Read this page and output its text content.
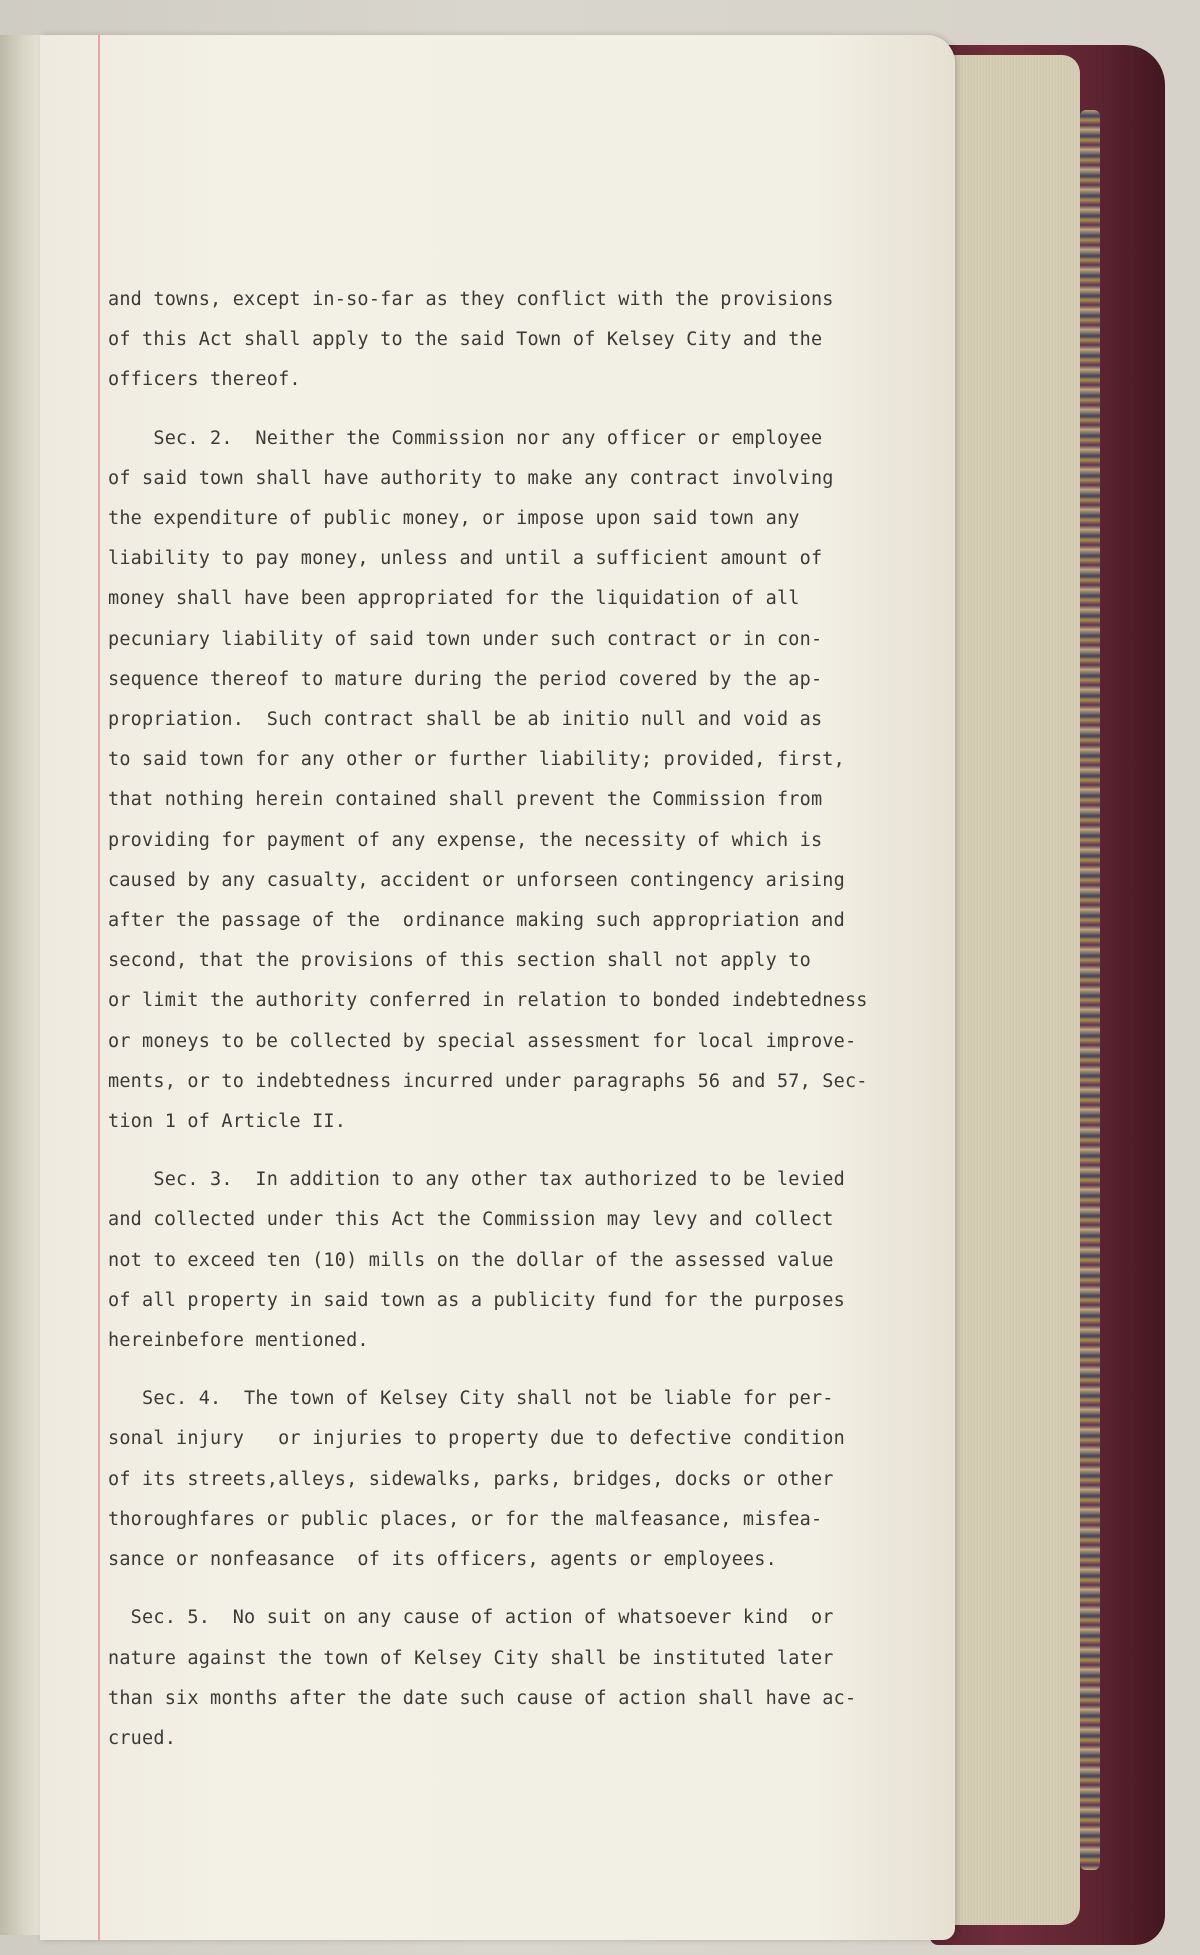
and towns, except in-so-far as they conflict with the provisions
of this Act shall apply to the said Town of Kelsey City and the
officers thereof.
Sec. 2.  Neither the Commission nor any officer or employee
of said town shall have authority to make any contract involving
the expenditure of public money, or impose upon said town any
liability to pay money, unless and until a sufficient amount of
money shall have been appropriated for the liquidation of all
pecuniary liability of said town under such contract or in con-
sequence thereof to mature during the period covered by the ap-
propriation.  Such contract shall be ab initio null and void as
to said town for any other or further liability; provided, first,
that nothing herein contained shall prevent the Commission from
providing for payment of any expense, the necessity of which is
caused by any casualty, accident or unforseen contingency arising
after the passage of the  ordinance making such appropriation and
second, that the provisions of this section shall not apply to
or limit the authority conferred in relation to bonded indebtedness
or moneys to be collected by special assessment for local improve-
ments, or to indebtedness incurred under paragraphs 56 and 57, Sec-
tion 1 of Article II.
Sec. 3.  In addition to any other tax authorized to be levied
and collected under this Act the Commission may levy and collect
not to exceed ten (10) mills on the dollar of the assessed value
of all property in said town as a publicity fund for the purposes
hereinbefore mentioned.
Sec. 4.  The town of Kelsey City shall not be liable for per-
sonal injury   or injuries to property due to defective condition
of its streets,alleys, sidewalks, parks, bridges, docks or other
thoroughfares or public places, or for the malfeasance, misfea-
sance or nonfeasance  of its officers, agents or employees.
Sec. 5.  No suit on any cause of action of whatsoever kind  or
nature against the town of Kelsey City shall be instituted later
than six months after the date such cause of action shall have ac-
crued.
